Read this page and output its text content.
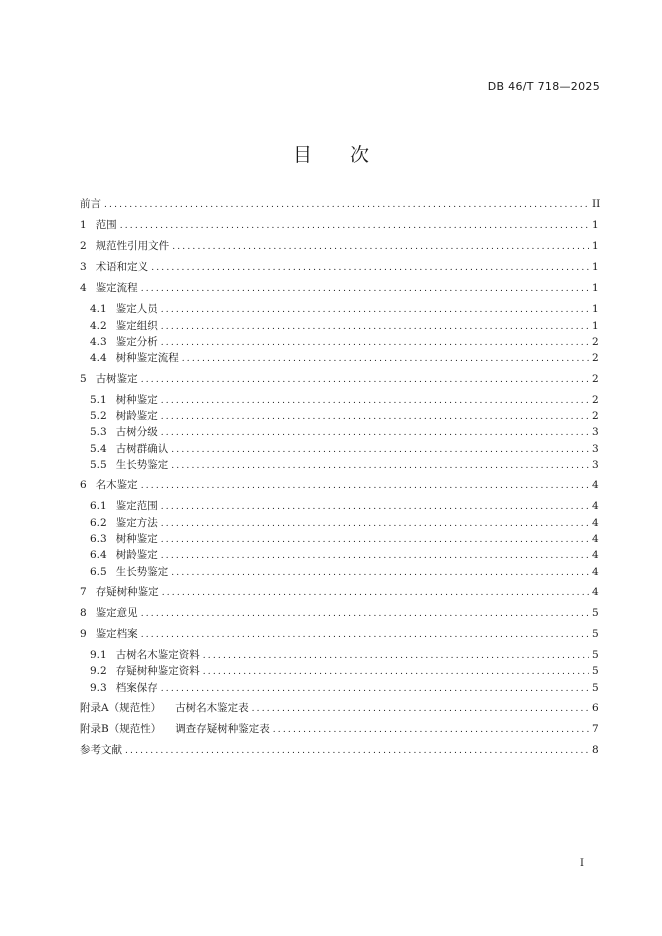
DB 46/T 718—2025
目 次
前言 .....	II
1 范围 .....	1
2 规范性引用文件 .....	1
3 术语和定义 .....	1
4 鉴定流程 .....	1
4.1 鉴定人员 .....	1
4.2 鉴定组织 .....	1
4.3 鉴定分析 .....	2
4.4 树种鉴定流程 .....	2
5 古树鉴定 .....	2
5.1 树种鉴定 .....	2
5.2 树龄鉴定 .....	2
5.3 古树分级 .....	3
5.4 古树群确认 .....	3
5.5 生长势鉴定 .....	3
6 名木鉴定 .....	4
6.1 鉴定范围 .....	4
6.2 鉴定方法 .....	4
6.3 树种鉴定 .....	4
6.4 树龄鉴定 .....	4
6.5 生长势鉴定 .....	4
7 存疑树种鉴定 .....	4
8 鉴定意见 .....	5
9 鉴定档案 .....	5
9.1 古树名木鉴定资料 .....	5
9.2 存疑树种鉴定资料 .....	5
9.3 档案保存 .....	5
附录A（规范性）	古树名木鉴定表 .....	6
附录B（规范性）	调查存疑树种鉴定表 .....	7
参考文献 .....	8
I
